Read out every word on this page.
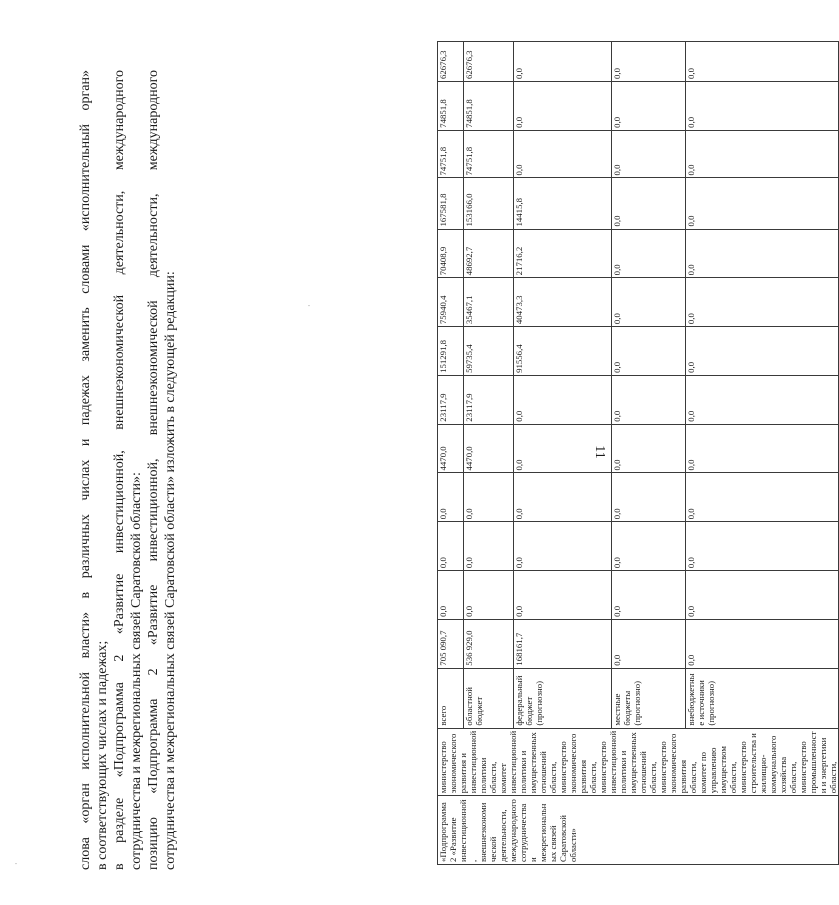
11
слова «орган исполнительной власти» в различных числах и падежах заменить словами «исполнительный орган» в соответствующих числах и падежах; в разделе «Подпрограмма 2 «Развитие инвестиционной, внешнеэкономической деятельности, международного сотрудничества и межрегиональных связей Саратовской области»: позицию «Подпрограмма 2 «Развитие инвестиционной, внешнеэкономической деятельности, международного сотрудничества и межрегиональных связей Саратовской области» изложить в следующей редакции:	«Подпрограмма 2 «Развитие инвестиционной, внешнеэкономической деятельности, международного сотрудничества и межрегиональных связей Саратовской области»	министерство экономического развития и инвестиционной политики области, комитет инвестиционной политики и имущественных отношений области, министерство экономического развития области, министерство инвестиционной политики и имущественных отношений области, министерство экономического развития области, комитет по управлению имуществом области, министерство строительства и жилищно-коммунального хозяйства области, министерство промышленности и энергетики области,	всего	705 090,7	0,0	0,0	0,0	4470,0	23117,9	151291,8	75940,4	70408,9	167581,8	74751,8	74851,8	62676,3
		областной бюджет	536 929,0	0,0	0,0	0,0	4470,0	23117,9	59735,4	35467,1	48692,7	153166,0	74751,8	74851,8	62676,3
		федеральный бюджет (прогнозно)	168161,7	0,0	0,0	0,0	0,0	0,0	91556,4	40473,3	21716,2	14415,8	0,0	0,0	0,0
		местные бюджеты (прогнозно)	0,0	0,0	0,0	0,0	0,0	0,0	0,0	0,0	0,0	0,0	0,0	0,0	0,0
		внебюджетные источники (прогнозно)	0,0	0,0	0,0	0,0	0,0	0,0	0,0	0,0	0,0	0,0	0,0	0,0	0,0
·
·
